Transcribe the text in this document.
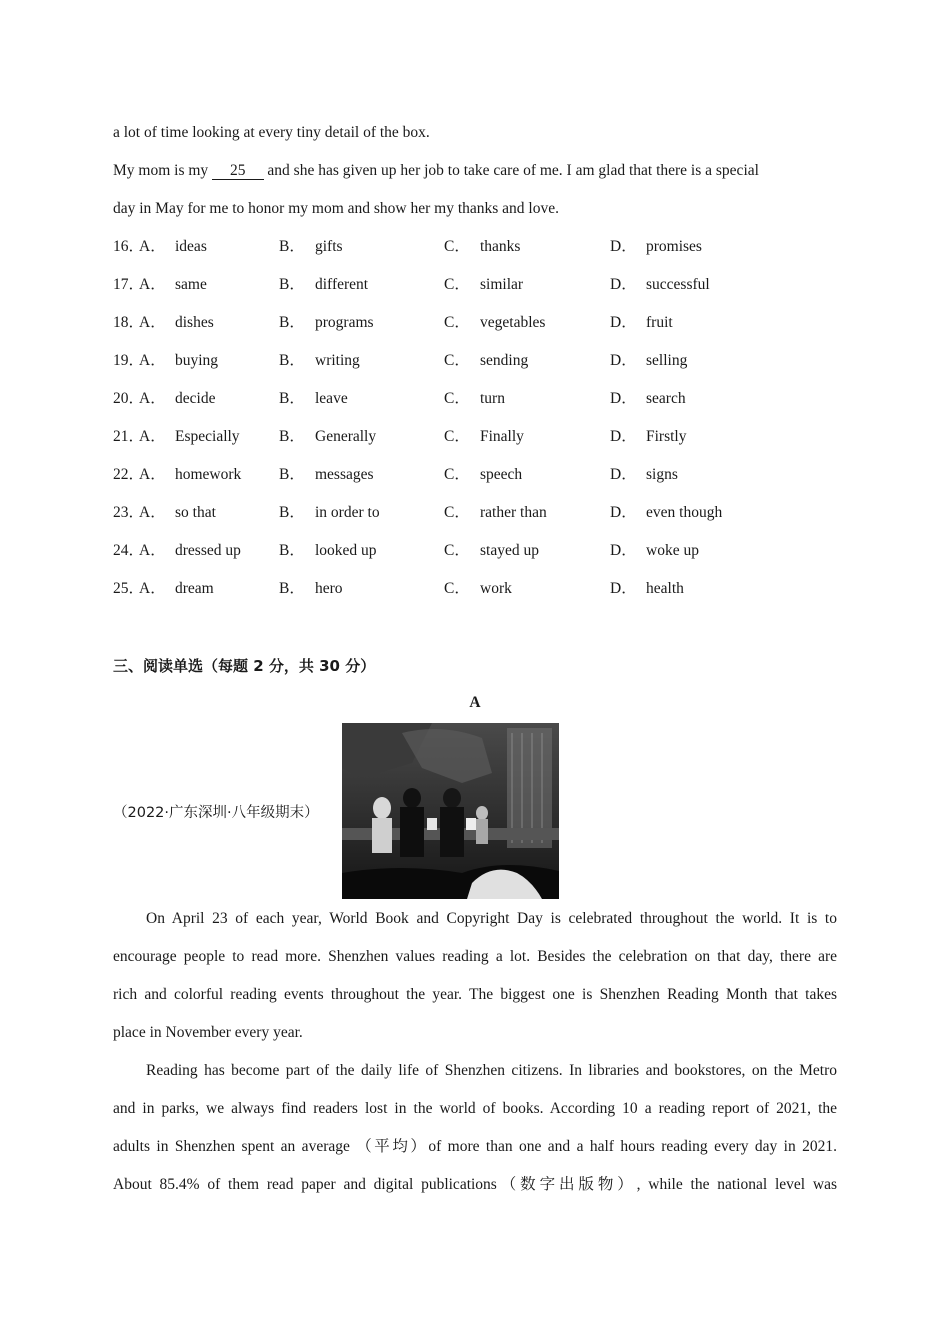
a lot of time looking at every tiny detail of the box.
My mom is my 25 and she has given up her job to take care of me. I am glad that there is a special
day in May for me to honor my mom and show her my thanks and love.
16．
A． ideas	B． gifts	C． thanks	D． promises
17．
A． same	B． different	C． similar	D． successful
18．
A． dishes	B． programs	C． vegetables	D． fruit
19．
A． buying	B． writing	C． sending	D． selling
20．
A． decide	B． leave	C． turn	D． search
21．
A． Especially	B． Generally	C． Finally	D． Firstly
22．
A． homework B． messages	C． speech	D． signs
23．
A． so that	B． in order to	C． rather than	D． even though
24．
A． dressed up B． looked up	C． stayed up	D． woke up
25．
A． dream	B． hero	C． work	D． health
三、阅读单选（每题 2 分，共 30 分）
A
（2022·广东深圳·八年级期末）
On April 23 of each year, World Book and Copyright Day is celebrated throughout the world. It is to
encourage people to read more. Shenzhen values reading a lot. Besides the celebration on that day, there are
rich and colorful reading events throughout the year. The biggest one is Shenzhen Reading Month that takes
place in November every year.
Reading has become part of the daily life of Shenzhen citizens. In libraries and bookstores, on the Metro
and in parks, we always find readers lost in the world of books. According 10 a reading report of 2021, the
adults in Shenzhen spent an average （平均）of more than one and a half hours reading every day in 2021.
About 85.4% of them read paper and digital publications（数字出版物）, while the national level was
